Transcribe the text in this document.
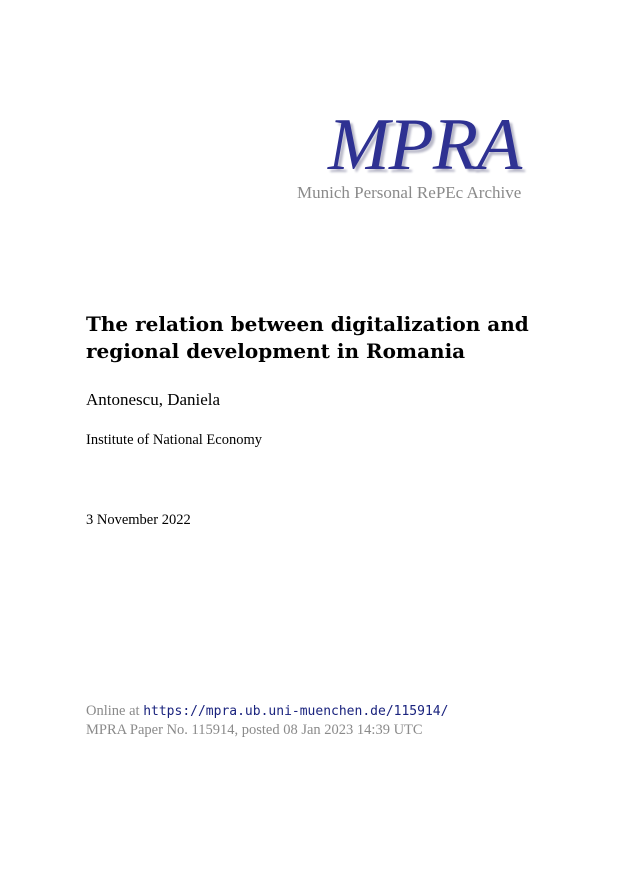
MPRA
Munich Personal RePEc Archive
The relation between digitalization and regional development in Romania
Antonescu, Daniela
Institute of National Economy
3 November 2022
Online at https://mpra.ub.uni-muenchen.de/115914/
MPRA Paper No. 115914, posted 08 Jan 2023 14:39 UTC
